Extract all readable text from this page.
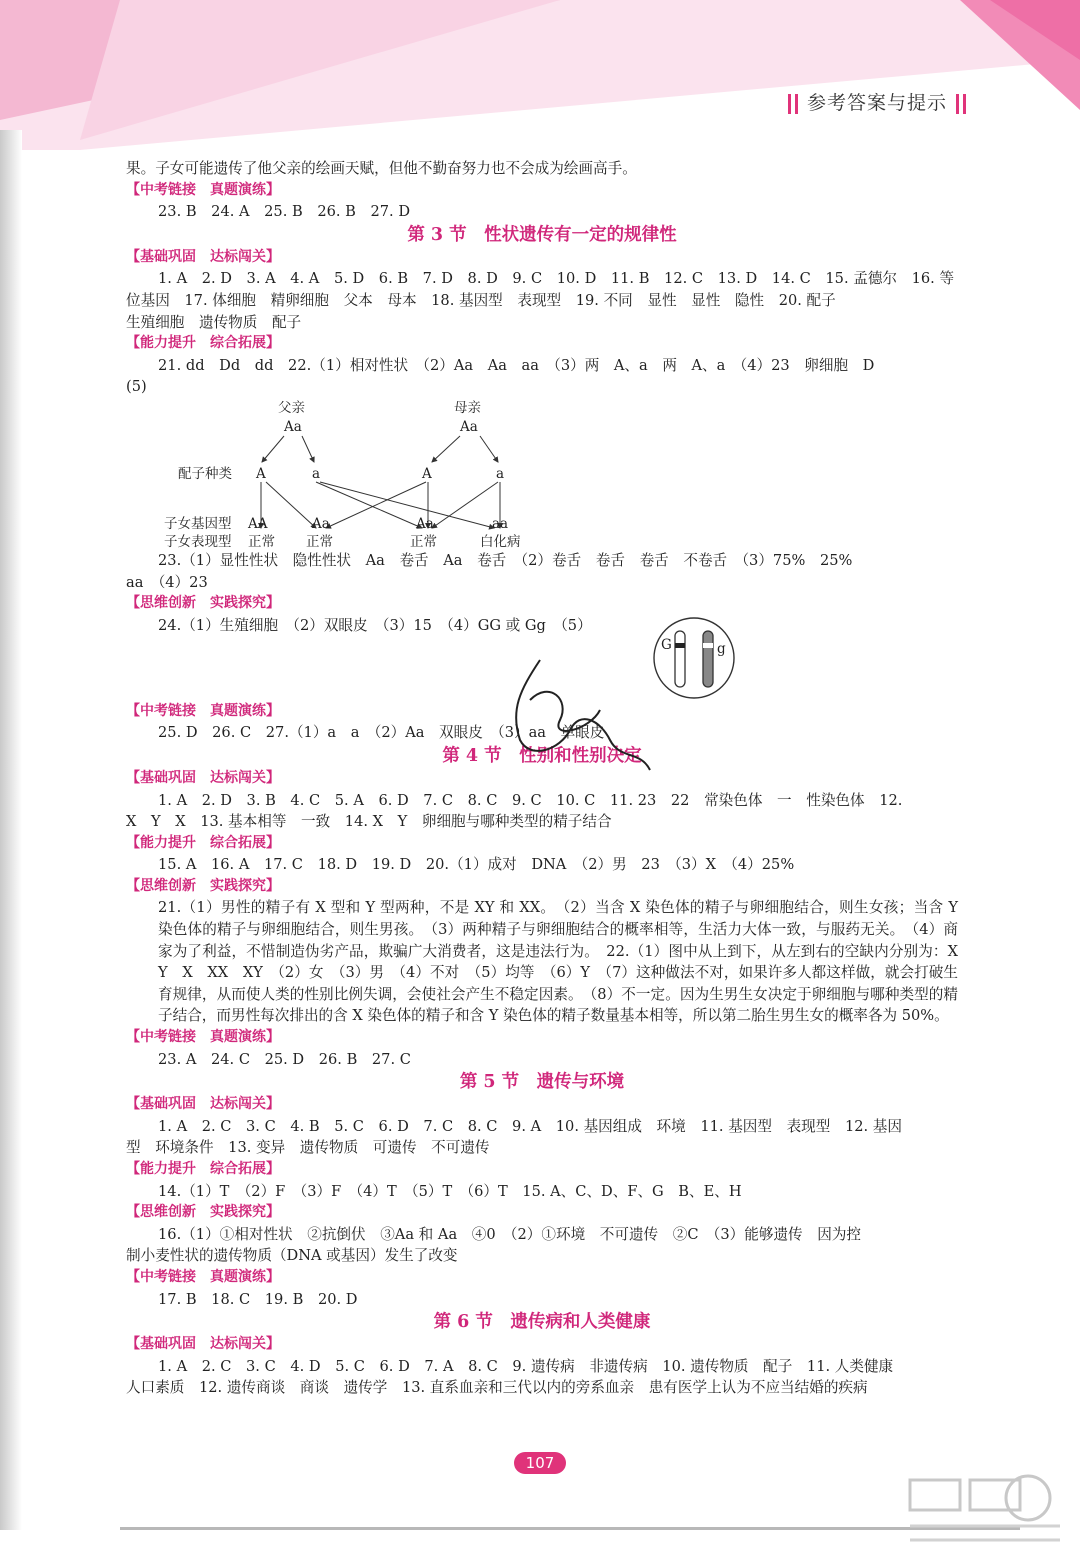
参考答案与提示
果。子女可能遗传了他父亲的绘画天赋，但他不勤奋努力也不会成为绘画高手。
【中考链接　真题演练】
23. B　24. A　25. B　26. B　27. D
第 3 节　性状遗传有一定的规律性
【基础巩固　达标闯关】
1. A　2. D　3. A　4. A　5. D　6. B　7. D　8. D　9. C　10. D　11. B　12. C　13. D　14. C　15. 孟德尔　16. 等
位基因　17. 体细胞　精卵细胞　父本　母本　18. 基因型　表现型　19. 不同　显性　显性　隐性　20. 配子
生殖细胞　遗传物质　配子
【能力提升　综合拓展】
21. dd　Dd　dd　22.（1）相对性状　（2）Aa　Aa　aa　（3）两　A、a　两　A、a　（4）23　卵细胞　D
(5)
父亲
Aa
母亲
Aa
配子种类 A	a	A	a
子女基因型 AA	Aa	Aa	aa
子女表现型 正常 正常	正常	白化病
23.（1）显性性状　隐性性状　Aa　卷舌　Aa　卷舌　（2）卷舌　卷舌　卷舌　不卷舌　（3）75%　25%
aa　（4）23
【思维创新　实践探究】
24.（1）生殖细胞　（2）双眼皮　（3）15　（4）GG 或 Gg　（5）
G	g
【中考链接　真题演练】
25. D　26. C　27.（1）a　a　（2）Aa　双眼皮　（3）aa　单眼皮
第 4 节　性别和性别决定
【基础巩固　达标闯关】
1. A　2. D　3. B　4. C　5. A　6. D　7. C　8. C　9. C　10. C　11. 23　22　常染色体　一　性染色体　12.
X　Y　X　13. 基本相等　一致　14. X　Y　卵细胞与哪种类型的精子结合
【能力提升　综合拓展】
15. A　16. A　17. C　18. D　19. D　20.（1）成对　DNA　（2）男　23　（3）X　（4）25%
【思维创新　实践探究】
21.（1）男性的精子有 X 型和 Y 型两种，不是 XY 和 XX。　（2）当含 X 染色体的精子与卵细胞结合，则生女孩；当含 Y 染色体的精子与卵细胞结合，则生男孩。　（3）两种精子与卵细胞结合的概率相等，生活力大体一致，与服药无关。　（4）商家为了利益，不惜制造伪劣产品，欺骗广大消费者，这是违法行为。　22.（1）图中从上到下，从左到右的空缺内分别为：X　Y　X　XX　XY　（2）女　（3）男　（4）不对　（5）均等　（6）Y　（7）这种做法不对，如果许多人都这样做，就会打破生育规律，从而使人类的性别比例失调，会使社会产生不稳定因素。　（8）不一定。因为生男生女决定于卵细胞与哪种类型的精子结合，而男性每次排出的含 X 染色体的精子和含 Y 染色体的精子数量基本相等，所以第二胎生男生女的概率各为 50%。
【中考链接　真题演练】
23. A　24. C　25. D　26. B　27. C
第 5 节　遗传与环境
【基础巩固　达标闯关】
1. A　2. C　3. C　4. B　5. C　6. D　7. C　8. C　9. A　10. 基因组成　环境　11. 基因型　表现型　12. 基因
型　环境条件　13. 变异　遗传物质　可遗传　不可遗传
【能力提升　综合拓展】
14.（1）T　（2）F　（3）F　（4）T　（5）T　（6）T　15. A、C、D、F、G　B、E、H
【思维创新　实践探究】
16.（1）①相对性状　②抗倒伏　③Aa 和 Aa　④0　（2）①环境　不可遗传　②C　（3）能够遗传　因为控
制小麦性状的遗传物质（DNA 或基因）发生了改变
【中考链接　真题演练】
17. B　18. C　19. B　20. D
第 6 节　遗传病和人类健康
【基础巩固　达标闯关】
1. A　2. C　3. C　4. D　5. C　6. D　7. A　8. C　9. 遗传病　非遗传病　10. 遗传物质　配子　11. 人类健康
人口素质　12. 遗传商谈　商谈　遗传学　13. 直系血亲和三代以内的旁系血亲　患有医学上认为不应当结婚的疾病
107
